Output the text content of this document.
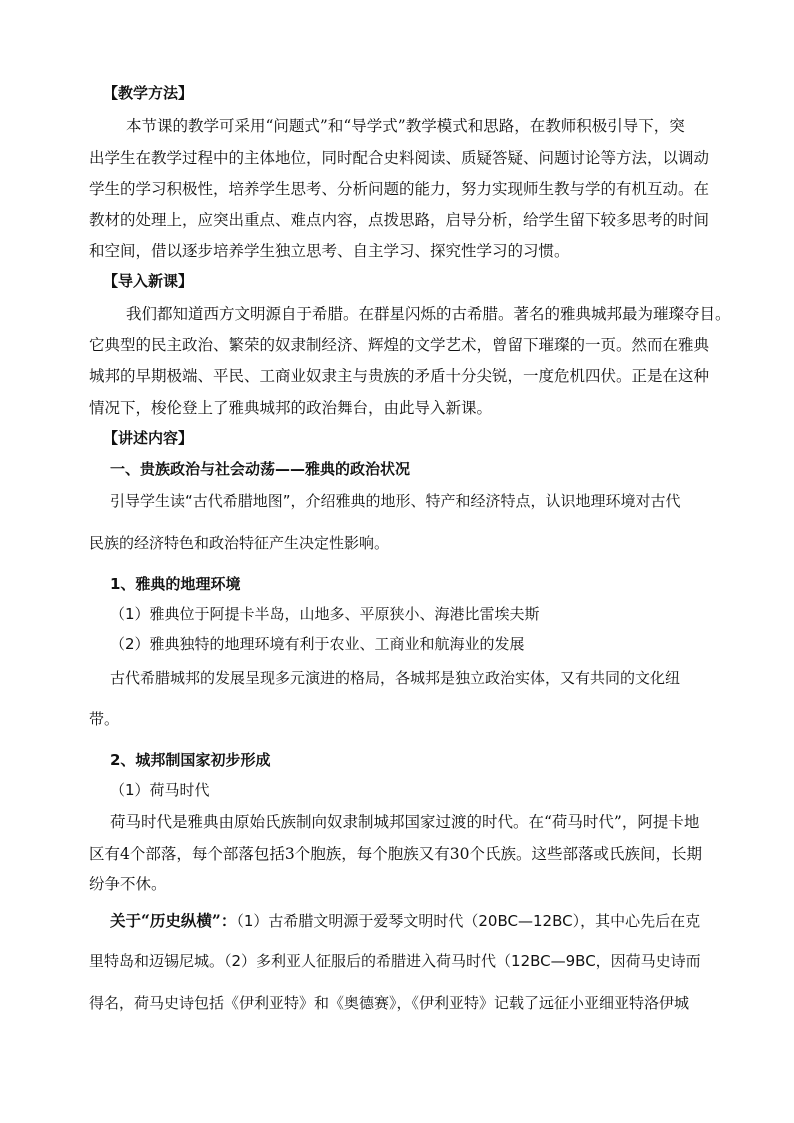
【教学方法】

本节课的教学可采用“问题式”和“导学式”教学模式和思路，在教师积极引导下，突

出学生在教学过程中的主体地位，同时配合史料阅读、质疑答疑、问题讨论等方法，以调动

学生的学习积极性，培养学生思考、分析问题的能力，努力实现师生教与学的有机互动。在

教材的处理上，应突出重点、难点内容，点拨思路，启导分析，给学生留下较多思考的时间

和空间，借以逐步培养学生独立思考、自主学习、探究性学习的习惯。

【导入新课】

我们都知道西方文明源自于希腊。在群星闪烁的古希腊。著名的雅典城邦最为璀璨夺目。

它典型的民主政治、繁荣的奴隶制经济、辉煌的文学艺术，曾留下璀璨的一页。然而在雅典

城邦的早期极端、平民、工商业奴隶主与贵族的矛盾十分尖锐，一度危机四伏。正是在这种

情况下，梭伦登上了雅典城邦的政治舞台，由此导入新课。

【讲述内容】

一、贵族政治与社会动荡——雅典的政治状况

引导学生读“古代希腊地图”，介绍雅典的地形、特产和经济特点，认识地理环境对古代

民族的经济特色和政治特征产生决定性影响。

1、雅典的地理环境

（1）雅典位于阿提卡半岛，山地多、平原狭小、海港比雷埃夫斯

（2）雅典独特的地理环境有利于农业、工商业和航海业的发展

古代希腊城邦的发展呈现多元演进的格局，各城邦是独立政治实体，又有共同的文化纽

带。

2、城邦制国家初步形成

（1）荷马时代

荷马时代是雅典由原始氏族制向奴隶制城邦国家过渡的时代。在“荷马时代”，阿提卡地

区有4个部落，每个部落包括3个胞族，每个胞族又有30个氏族。这些部落或氏族间，长期

纷争不休。

关于“历史纵横”：（1）古希腊文明源于爱琴文明时代（20BC—12BC），其中心先后在克

里特岛和迈锡尼城。（2）多利亚人征服后的希腊进入荷马时代（12BC—9BC，因荷马史诗而

得名，荷马史诗包括《伊利亚特》和《奥德赛》，《伊利亚特》记载了远征小亚细亚特洛伊城
